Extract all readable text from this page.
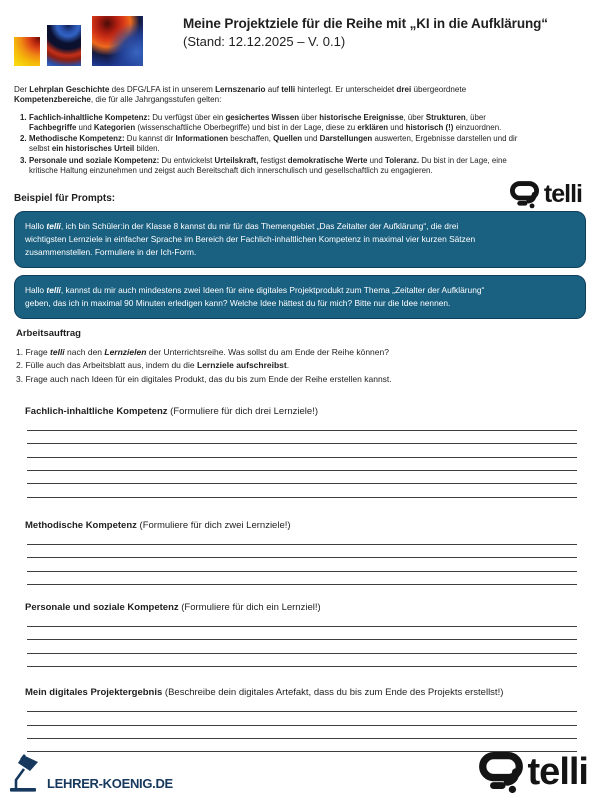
Meine Projektziele für die Reihe mit „KI in die Aufklärung“
(Stand: 12.12.2025 – V. 0.1)

Der Lehrplan Geschichte des DFG/LFA ist in unserem Lernszenario auf telli hinterlegt. Er unterscheidet drei übergeordnete
Kompetenzbereiche, die für alle Jahrgangsstufen gelten:

1. Fachlich-inhaltliche Kompetenz: Du verfügst über ein gesichertes Wissen über historische Ereignisse, über Strukturen, über
Fachbegriffe und Kategorien (wissenschaftliche Oberbegriffe) und bist in der Lage, diese zu erklären und historisch (!) einzuordnen.
2. Methodische Kompetenz: Du kannst dir Informationen beschaffen, Quellen und Darstellungen auswerten, Ergebnisse darstellen und dir
selbst ein historisches Urteil bilden.
3. Personale und soziale Kompetenz: Du entwickelst Urteilskraft, festigst demokratische Werte und Toleranz. Du bist in der Lage, eine
kritische Haltung einzunehmen und zeigst auch Bereitschaft dich innerschulisch und gesellschaftlich zu engagieren.
Beispiel für Prompts:	telli
Hallo telli, ich bin Schüler:in der Klasse 8 kannst du mir für das Themengebiet „Das Zeitalter der Aufklärung“, die drei
wichtigsten Lernziele in einfacher Sprache im Bereich der Fachlich-inhaltlichen Kompetenz in maximal vier kurzen Sätzen
zusammenstellen. Formuliere in der Ich-Form.
Hallo telli, kannst du mir auch mindestens zwei Ideen für eine digitales Projektprodukt zum Thema „Zeitalter der Aufklärung“
geben, das ich in maximal 90 Minuten erledigen kann? Welche Idee hättest du für mich? Bitte nur die Idee nennen.
Arbeitsauftrag
1. Frage telli nach den Lernzielen der Unterrichtsreihe. Was sollst du am Ende der Reihe können?
2. Fülle auch das Arbeitsblatt aus, indem du die Lernziele aufschreibst.
3. Frage auch nach Ideen für ein digitales Produkt, das du bis zum Ende der Reihe erstellen kannst.
Fachlich-inhaltliche Kompetenz (Formuliere für dich drei Lernziele!)
Methodische Kompetenz (Formuliere für dich zwei Lernziele!)
Personale und soziale Kompetenz (Formuliere für dich ein Lernziel!)
Mein digitales Projektergebnis (Beschreibe dein digitales Artefakt, dass du bis zum Ende des Projekts erstellst!)
LEHRER-KOENIG.DE	telli
